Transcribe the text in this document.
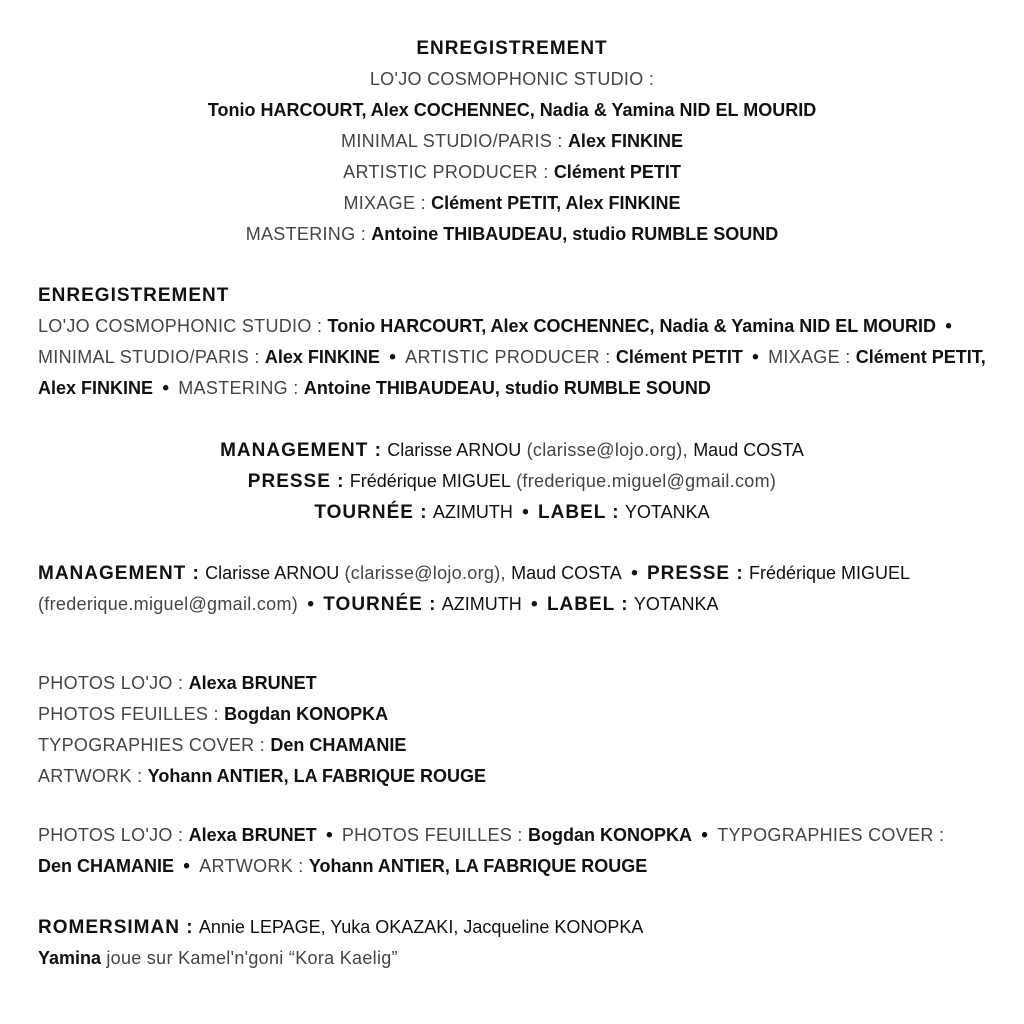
ENREGISTREMENT
LO'JO COSMOPHONIC STUDIO :
Tonio HARCOURT, Alex COCHENNEC, Nadia & Yamina NID EL MOURID
MINIMAL STUDIO/PARIS : Alex FINKINE
ARTISTIC PRODUCER : Clément PETIT
MIXAGE : Clément PETIT, Alex FINKINE
MASTERING : Antoine THIBAUDEAU, studio RUMBLE SOUND
ENREGISTREMENT
LO'JO COSMOPHONIC STUDIO : Tonio HARCOURT, Alex COCHENNEC, Nadia & Yamina NID EL MOURID •
MINIMAL STUDIO/PARIS : Alex FINKINE • ARTISTIC PRODUCER : Clément PETIT • MIXAGE : Clément PETIT,
Alex FINKINE • MASTERING : Antoine THIBAUDEAU, studio RUMBLE SOUND
MANAGEMENT : Clarisse ARNOU (clarisse@lojo.org), Maud COSTA
PRESSE : Frédérique MIGUEL (frederique.miguel@gmail.com)
TOURNÉE : AZIMUTH • LABEL : YOTANKA
MANAGEMENT : Clarisse ARNOU (clarisse@lojo.org), Maud COSTA • PRESSE : Frédérique MIGUEL
(frederique.miguel@gmail.com) • TOURNÉE : AZIMUTH • LABEL : YOTANKA
PHOTOS LO'JO : Alexa BRUNET
PHOTOS FEUILLES : Bogdan KONOPKA
TYPOGRAPHIES COVER : Den CHAMANIE
ARTWORK : Yohann ANTIER, LA FABRIQUE ROUGE
PHOTOS LO'JO : Alexa BRUNET • PHOTOS FEUILLES : Bogdan KONOPKA • TYPOGRAPHIES COVER :
Den CHAMANIE • ARTWORK : Yohann ANTIER, LA FABRIQUE ROUGE
ROMERSIMAN : Annie LEPAGE, Yuka OKAZAKI, Jacqueline KONOPKA
Yamina joue sur Kamel'n'goni “Kora Kaelig”
